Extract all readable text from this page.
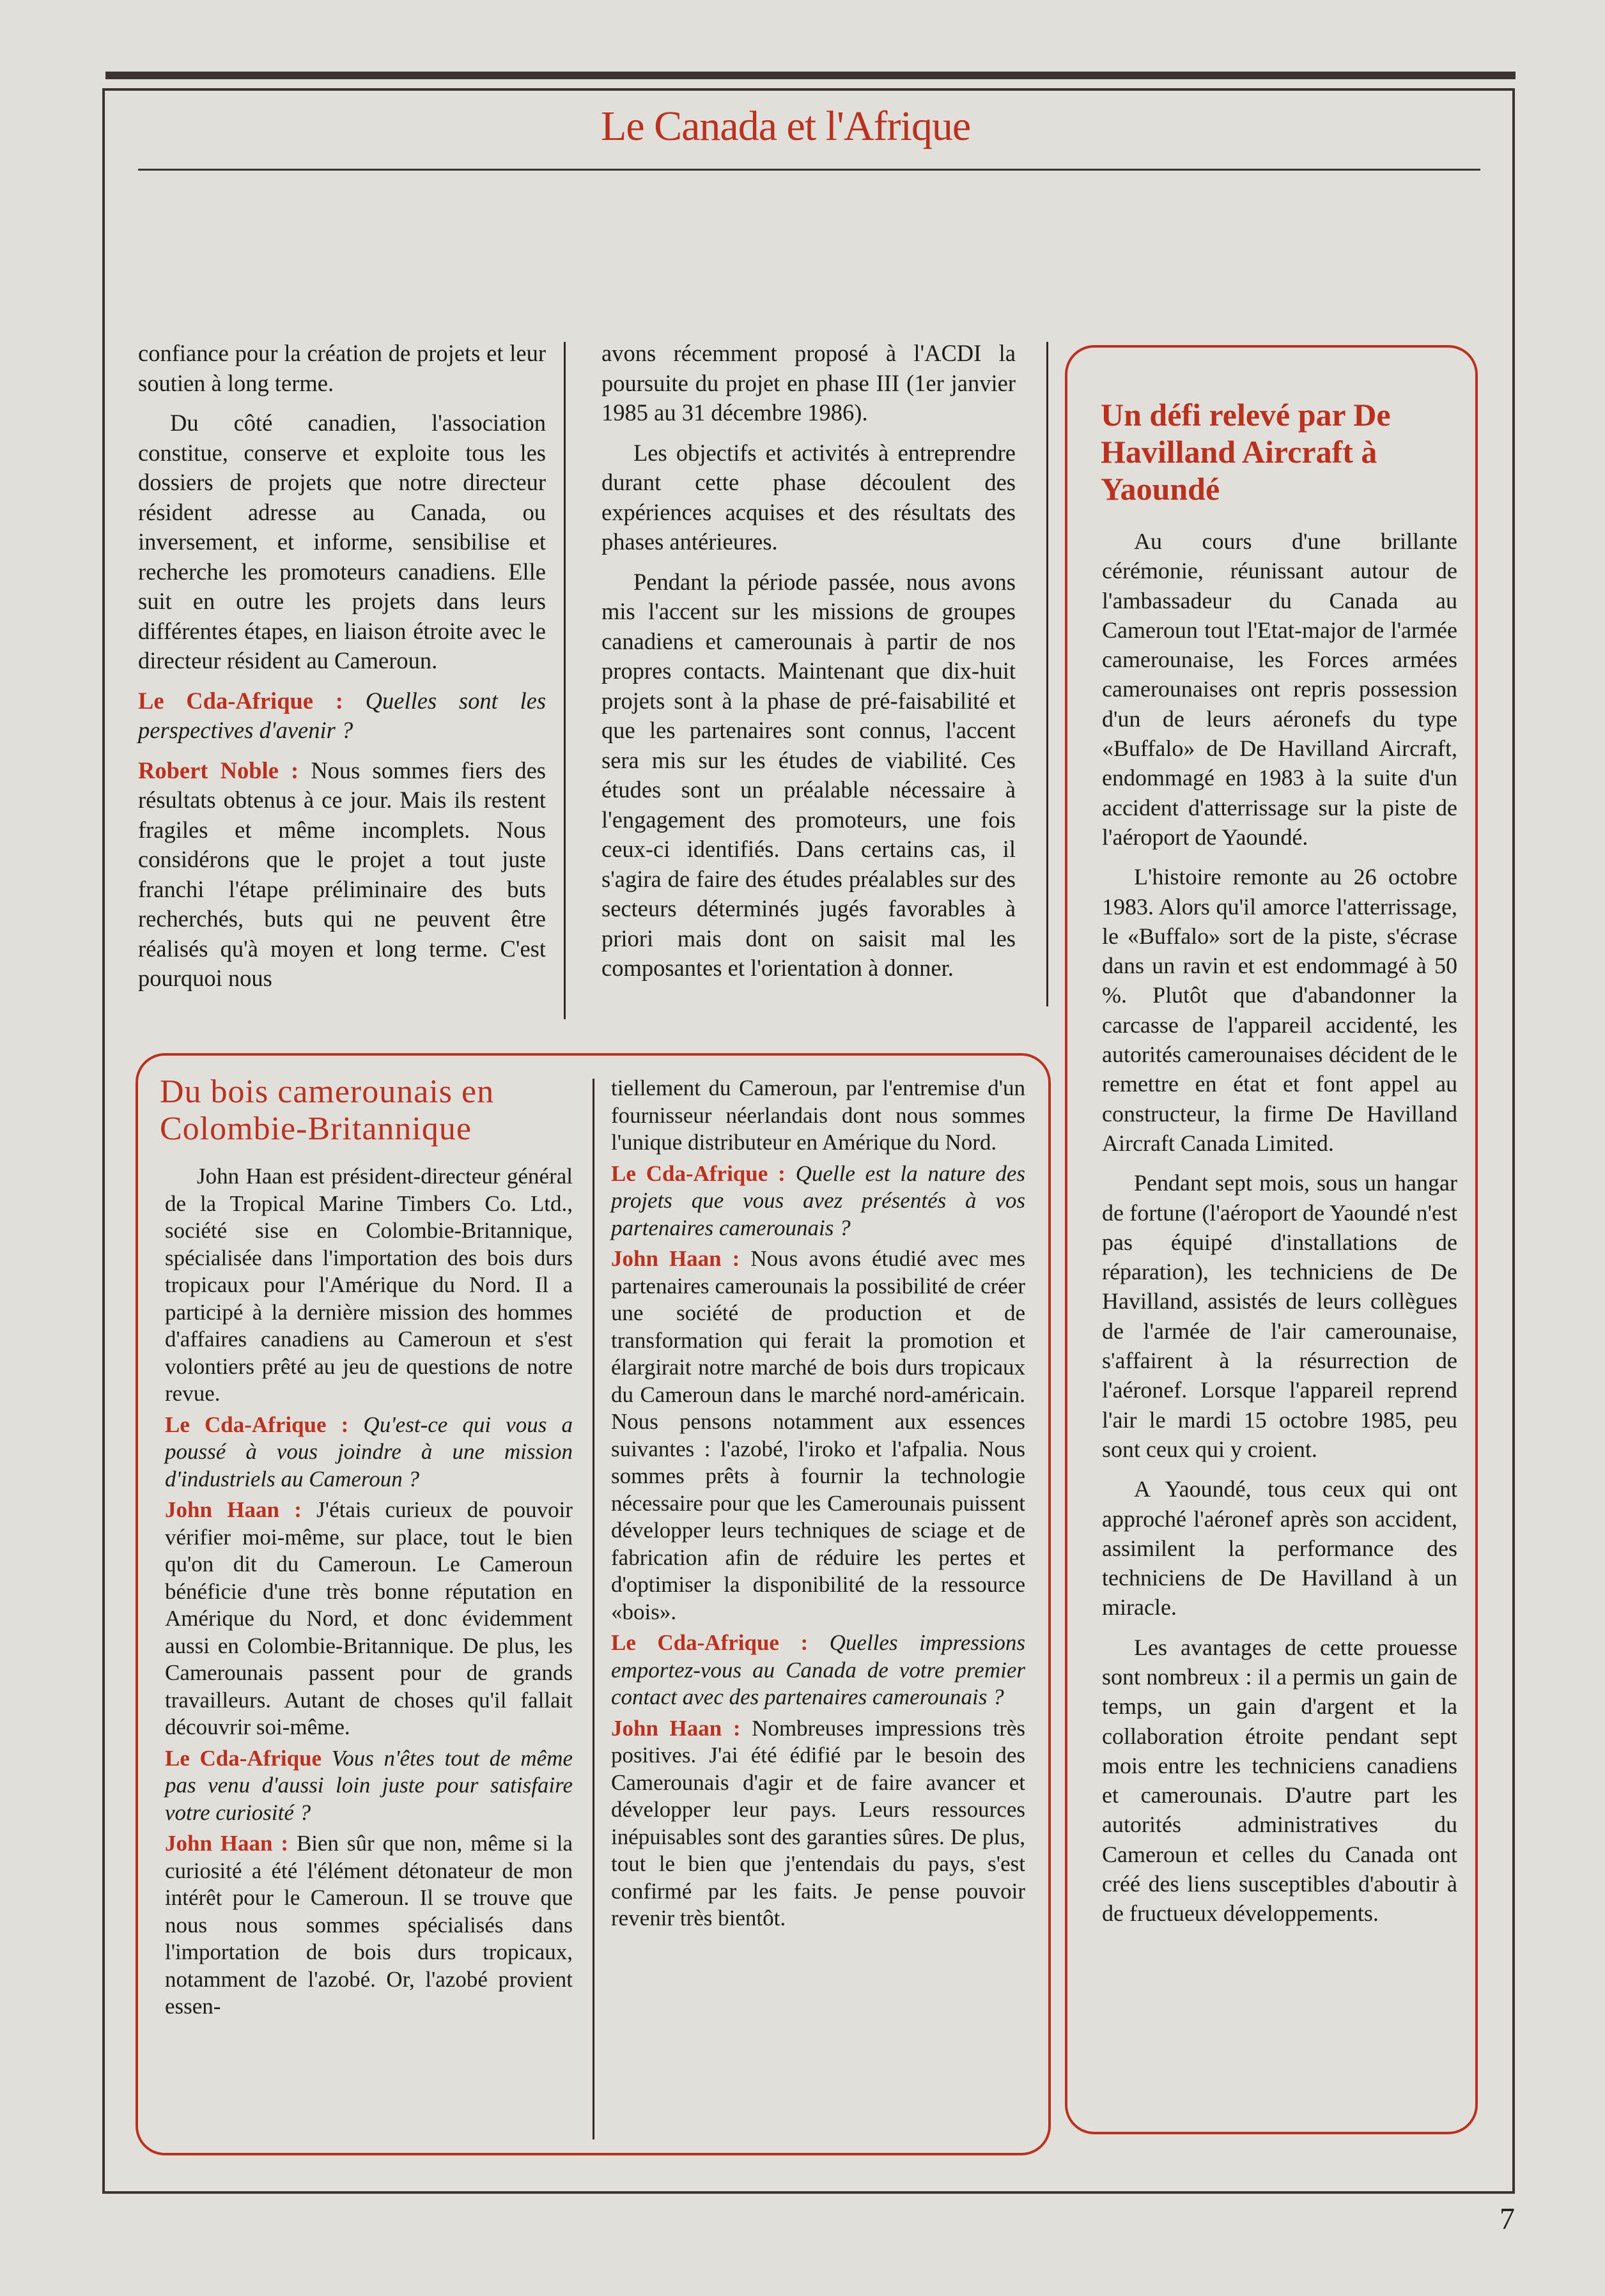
Le Canada et l'Afrique

confiance pour la création de projets et leur soutien à long terme.

Du côté canadien, l'association constitue, conserve et exploite tous les dossiers de projets que notre directeur résident adresse au Canada, ou inversement, et informe, sensibilise et recherche les promoteurs canadiens. Elle suit en outre les projets dans leurs différentes étapes, en liaison étroite avec le directeur résident au Cameroun.

Le Cda-Afrique : Quelles sont les perspectives d'avenir ?

Robert Noble : Nous sommes fiers des résultats obtenus à ce jour. Mais ils restent fragiles et même incomplets. Nous considérons que le projet a tout juste franchi l'étape préliminaire des buts recherchés, buts qui ne peuvent être réalisés qu'à moyen et long terme. C'est pourquoi nous

avons récemment proposé à l'ACDI la poursuite du projet en phase III (1er janvier 1985 au 31 décembre 1986).

Les objectifs et activités à entreprendre durant cette phase découlent des expériences acquises et des résultats des phases antérieures.

Pendant la période passée, nous avons mis l'accent sur les missions de groupes canadiens et camerounais à partir de nos propres contacts. Maintenant que dix-huit projets sont à la phase de pré-faisabilité et que les partenaires sont connus, l'accent sera mis sur les études de viabilité. Ces études sont un préalable nécessaire à l'engagement des promoteurs, une fois ceux-ci identifiés. Dans certains cas, il s'agira de faire des études préalables sur des secteurs déterminés jugés favorables à priori mais dont on saisit mal les composantes et l'orientation à donner.

Du bois camerounais en Colombie-Britannique

John Haan est président-directeur général de la Tropical Marine Timbers Co. Ltd., société sise en Colombie-Britannique, spécialisée dans l'importation des bois durs tropicaux pour l'Amérique du Nord. Il a participé à la dernière mission des hommes d'affaires canadiens au Cameroun et s'est volontiers prêté au jeu de questions de notre revue.

Le Cda-Afrique : Qu'est-ce qui vous a poussé à vous joindre à une mission d'industriels au Cameroun ?

John Haan : J'étais curieux de pouvoir vérifier moi-même, sur place, tout le bien qu'on dit du Cameroun. Le Cameroun bénéficie d'une très bonne réputation en Amérique du Nord, et donc évidemment aussi en Colombie-Britannique. De plus, les Camerounais passent pour de grands travailleurs. Autant de choses qu'il fallait découvrir soi-même.

Le Cda-Afrique Vous n'êtes tout de même pas venu d'aussi loin juste pour satisfaire votre curiosité ?

John Haan : Bien sûr que non, même si la curiosité a été l'élément détonateur de mon intérêt pour le Cameroun. Il se trouve que nous nous sommes spécialisés dans l'importation de bois durs tropicaux, notamment de l'azobé. Or, l'azobé provient essen-

tiellement du Cameroun, par l'entremise d'un fournisseur néerlandais dont nous sommes l'unique distributeur en Amérique du Nord.

Le Cda-Afrique : Quelle est la nature des projets que vous avez présentés à vos partenaires camerounais ?

John Haan : Nous avons étudié avec mes partenaires camerounais la possibilité de créer une société de production et de transformation qui ferait la promotion et élargirait notre marché de bois durs tropicaux du Cameroun dans le marché nord-américain. Nous pensons notamment aux essences suivantes : l'azobé, l'iroko et l'afpalia. Nous sommes prêts à fournir la technologie nécessaire pour que les Camerounais puissent développer leurs techniques de sciage et de fabrication afin de réduire les pertes et d'optimiser la disponibilité de la ressource «bois».

Le Cda-Afrique : Quelles impressions emportez-vous au Canada de votre premier contact avec des partenaires camerounais ?

John Haan : Nombreuses impressions très positives. J'ai été édifié par le besoin des Camerounais d'agir et de faire avancer et développer leur pays. Leurs ressources inépuisables sont des garanties sûres. De plus, tout le bien que j'entendais du pays, s'est confirmé par les faits. Je pense pouvoir revenir très bientôt.

Un défi relevé par De Havilland Aircraft à Yaoundé

Au cours d'une brillante cérémonie, réunissant autour de l'ambassadeur du Canada au Cameroun tout l'Etat-major de l'armée camerounaise, les Forces armées camerounaises ont repris possession d'un de leurs aéronefs du type «Buffalo» de De Havilland Aircraft, endommagé en 1983 à la suite d'un accident d'atterrissage sur la piste de l'aéroport de Yaoundé.

L'histoire remonte au 26 octobre 1983. Alors qu'il amorce l'atterrissage, le «Buffalo» sort de la piste, s'écrase dans un ravin et est endommagé à 50 %. Plutôt que d'abandonner la carcasse de l'appareil accidenté, les autorités camerounaises décident de le remettre en état et font appel au constructeur, la firme De Havilland Aircraft Canada Limited.

Pendant sept mois, sous un hangar de fortune (l'aéroport de Yaoundé n'est pas équipé d'installations de réparation), les techniciens de De Havilland, assistés de leurs collègues de l'armée de l'air camerounaise, s'affairent à la résurrection de l'aéronef. Lorsque l'appareil reprend l'air le mardi 15 octobre 1985, peu sont ceux qui y croient.

A Yaoundé, tous ceux qui ont approché l'aéronef après son accident, assimilent la performance des techniciens de De Havilland à un miracle.

Les avantages de cette prouesse sont nombreux : il a permis un gain de temps, un gain d'argent et la collaboration étroite pendant sept mois entre les techniciens canadiens et camerounais. D'autre part les autorités administratives du Cameroun et celles du Canada ont créé des liens susceptibles d'aboutir à de fructueux développements.

7
